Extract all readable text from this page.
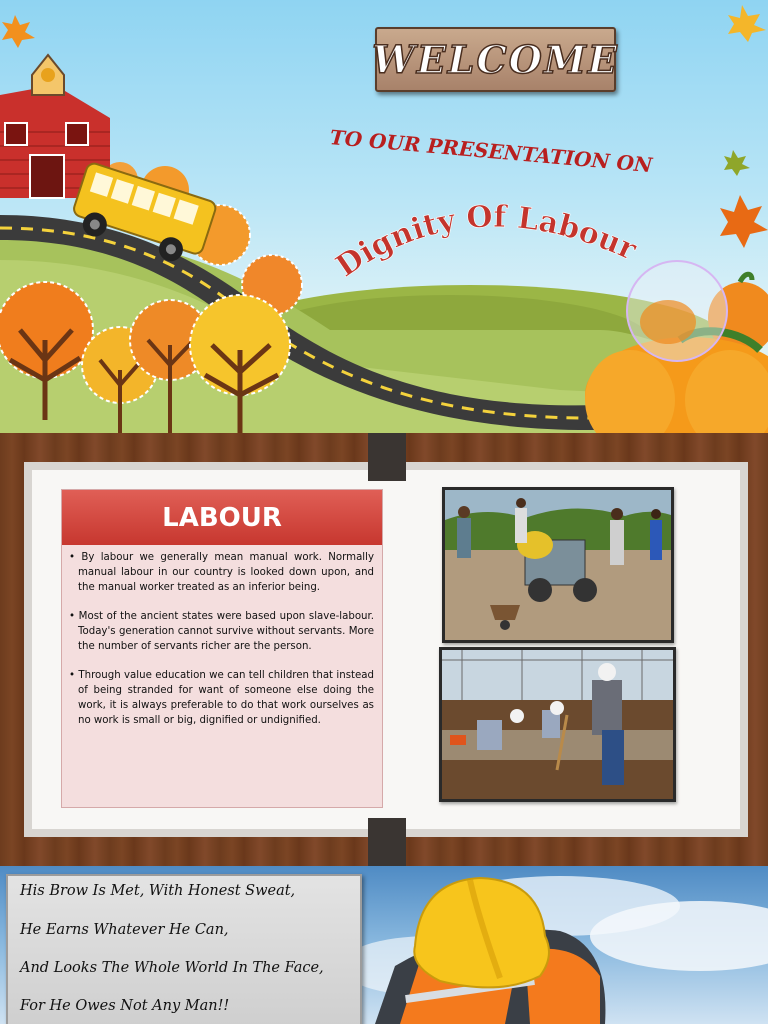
WELCOME
TO OUR PRESENTATION ON
Dignity Of Labour
LABOUR

• By labour we generally mean manual work. Normally manual labour in our country is looked down upon, and the manual worker treated as an inferior being.

• Most of the ancient states were based upon slave-labour. Today's generation cannot survive without servants. More the number of servants richer are the person.

• Through value education we can tell children that instead of being stranded for want of someone else doing the work, it is always preferable to do that work ourselves as no work is small or big, dignified or undignified.

His Brow Is Met, With Honest Sweat,
He Earns Whatever He Can,
And Looks The Whole World In The Face,
For He Owes Not Any Man!!
